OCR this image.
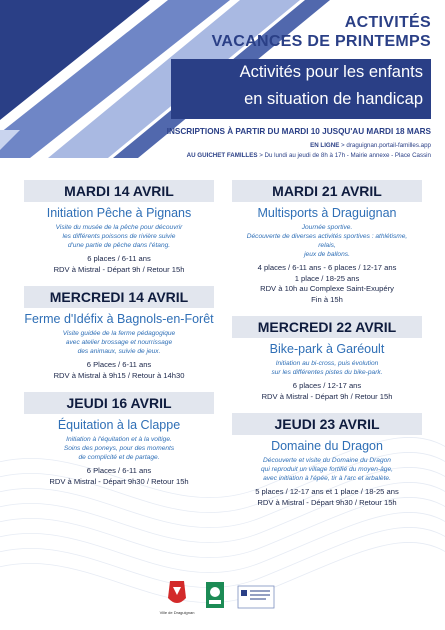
ACTIVITÉS
VACANCES DE PRINTEMPS
Activités pour les enfants
en situation de handicap
INSCRIPTIONS À PARTIR DU MARDI 10 JUSQU'AU MARDI 18 MARS
EN LIGNE > draguignan.portail-familles.app
AU GUICHET FAMILLES > Du lundi au jeudi de 8h à 17h - Mairie annexe - Place Cassin
MARDI 14 AVRIL
Initiation Pêche à Pignans
Visite du musée de la pêche pour découvrir
les différents poissons de rivière suivie
d'une partie de pêche dans l'étang.
6 places / 6-11 ans
RDV à Mistral - Départ 9h / Retour 15h
MERCREDI 14 AVRIL
Ferme d'Idéfix à Bagnols-en-Forêt
Visite guidée de la ferme pédagogique
avec atelier brossage et nourrissage
des animaux, suivie de jeux.
6 Places / 6-11 ans
RDV à Mistral à 9h15 / Retour à 14h30
JEUDI 16 AVRIL
Équitation à la Clappe
Initiation à l'équitation et à la voltige.
Soins des poneys, pour des moments
de complicité et de partage.
6 Places / 6-11 ans
RDV à Mistral - Départ 9h30 / Retour 15h
MARDI 21 AVRIL
Multisports à Draguignan
Journée sportive.
Découverte de diverses activités sportives : athlétisme, relais,
jeux de ballons.
4 places / 6-11 ans - 6 places / 12-17 ans
1 place / 18-25 ans
RDV à 10h au Complexe Saint-Exupéry
Fin à 15h
MERCREDI 22 AVRIL
Bike-park à Garéoult
Initiation au bi-cross, puis évolution
sur les différentes pistes du bike-park.
6 places / 12-17 ans
RDV à Mistral - Départ 9h / Retour 15h
JEUDI 23 AVRIL
Domaine du Dragon
Découverte et visite du Domaine du Dragon
qui reproduit un village fortifié du moyen-âge,
avec initiation à l'épée, tir à l'arc et arbalète.
5 places / 12-17 ans et 1 place / 18-25 ans
RDV à Mistral - Départ 9h30 / Retour 15h
Ville de Draguignan
